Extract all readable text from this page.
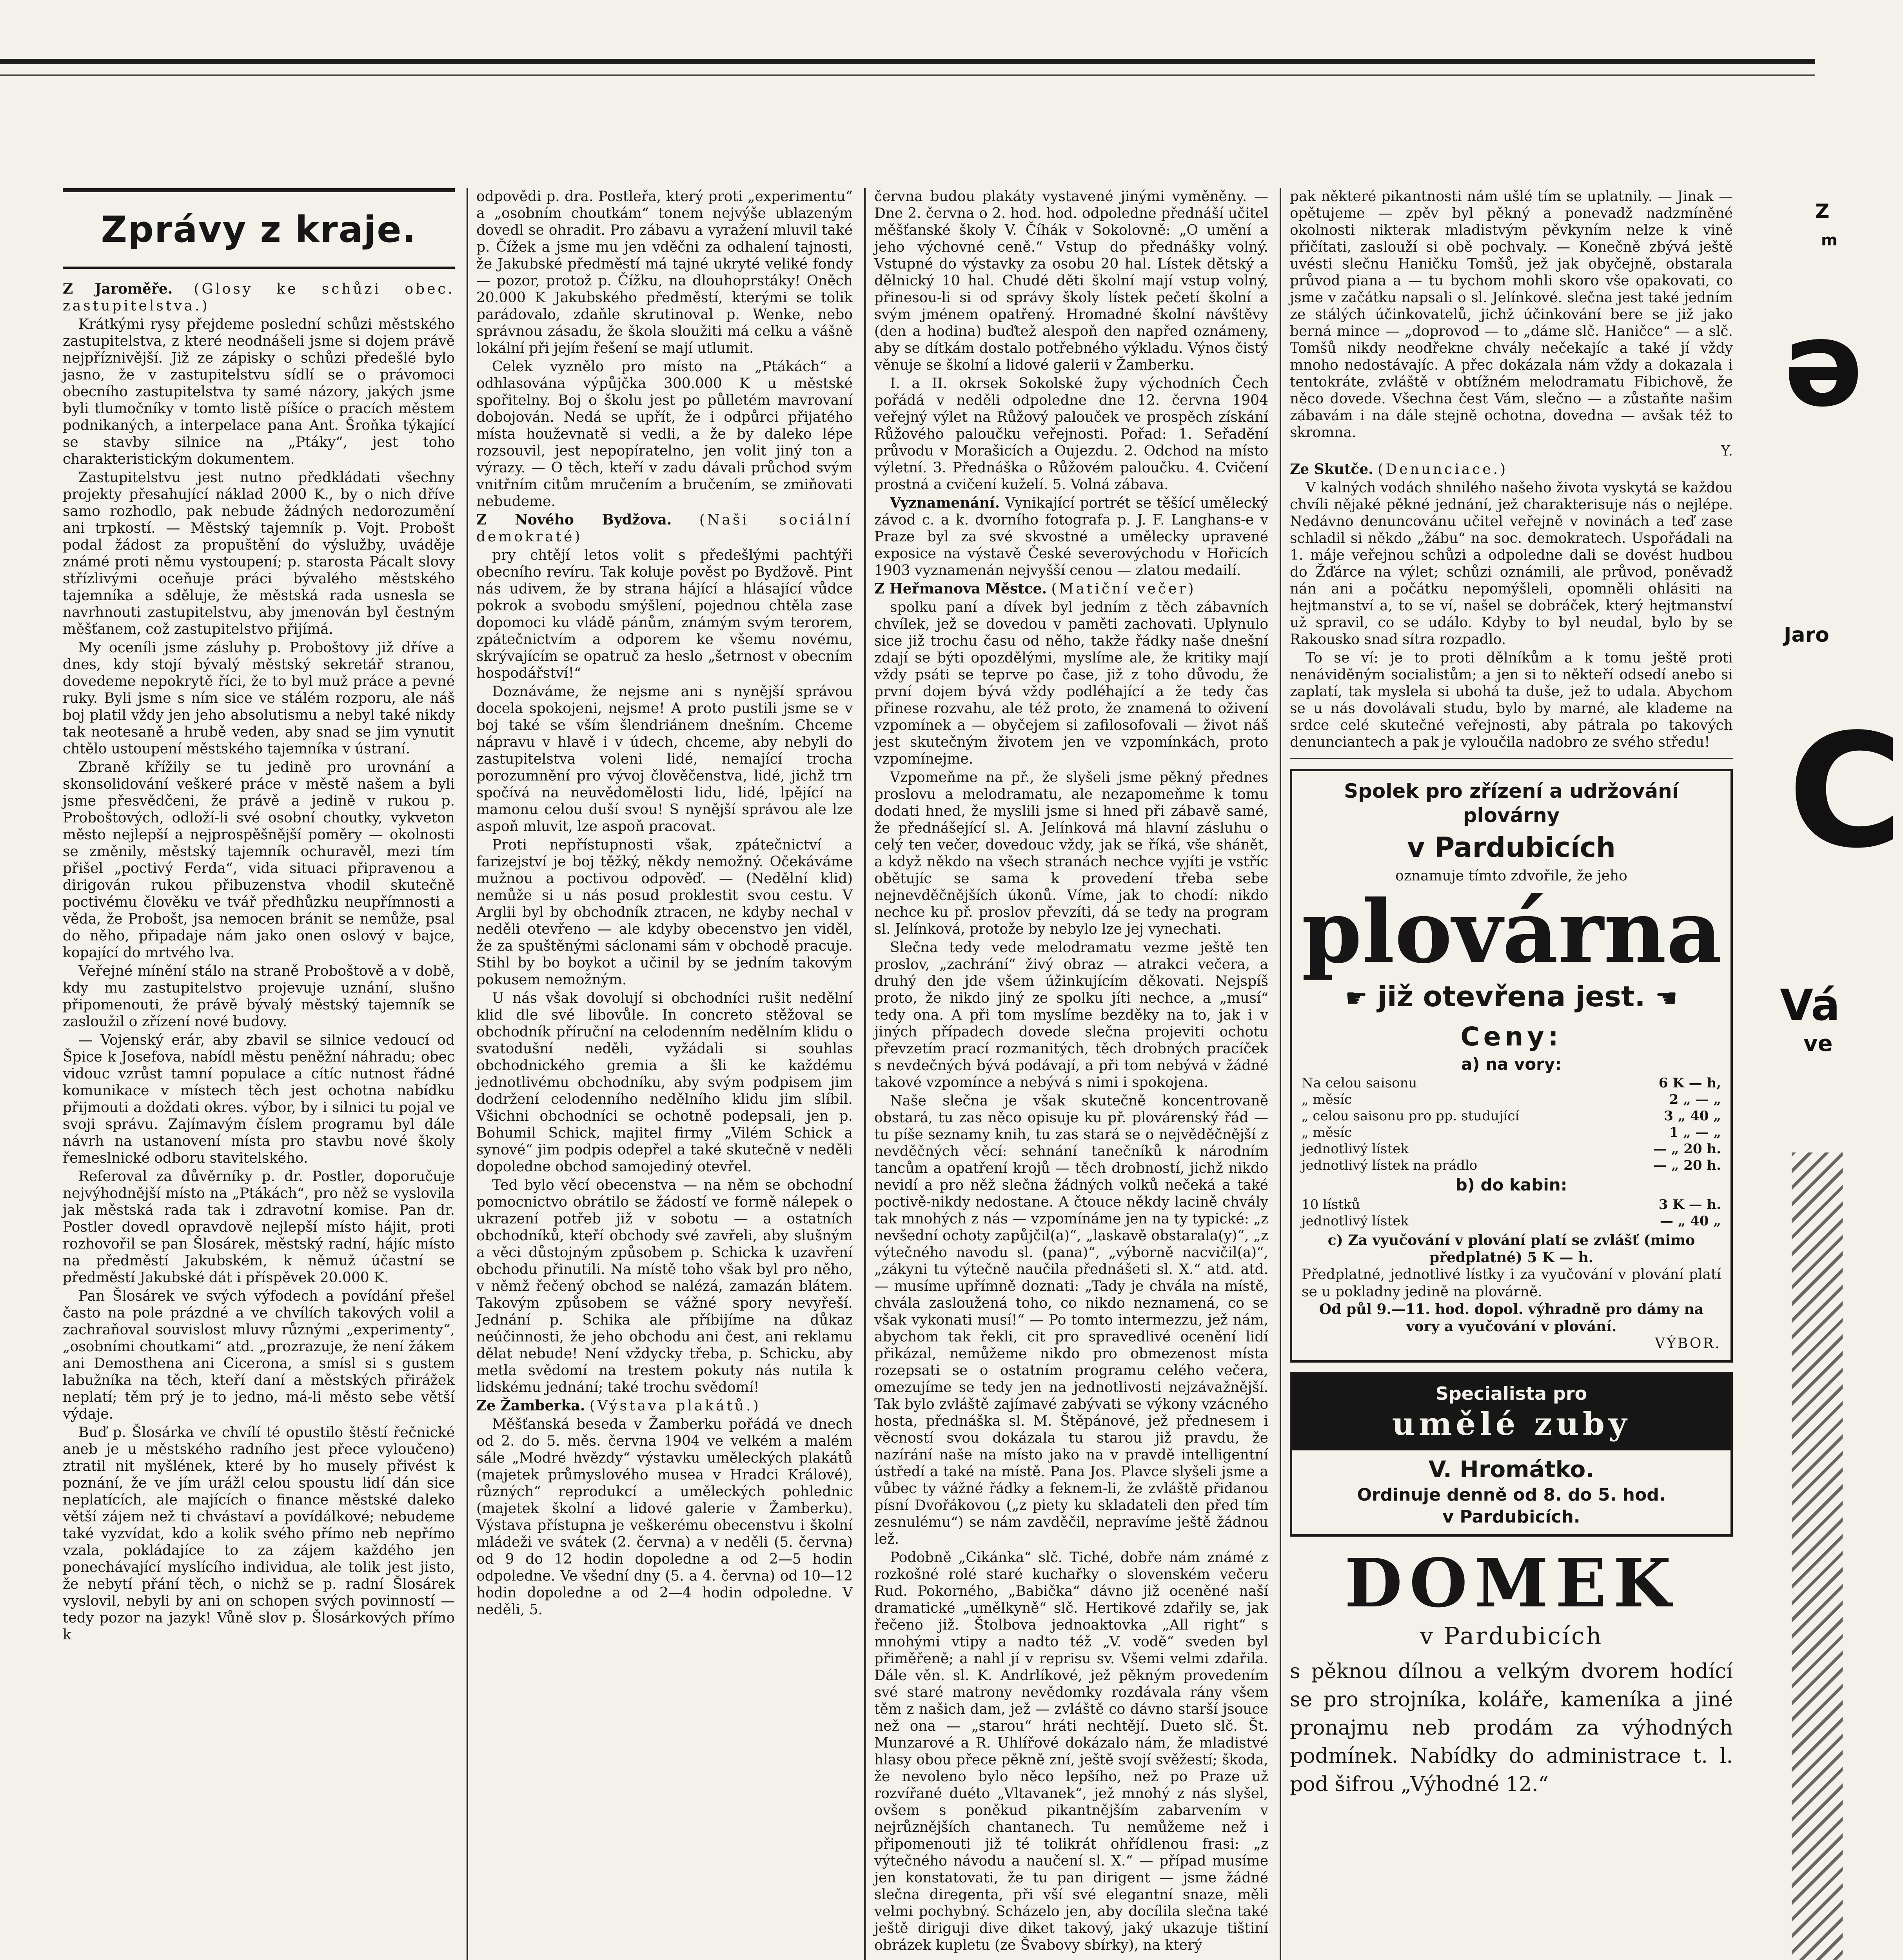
Zprávy z kraje.

Z Jaroměře. (Glosy ke schůzi obec. zastupitelstva.)

Krátkými rysy přejdeme poslední schůzi městského zastupitelstva, z které neodnášeli jsme si dojem právě nejpříznivější. Již ze zápisky o schůzi předešlé bylo jasno, že v zastupitelstvu sídlí se o právomoci obecního zastupitelstva ty samé názory, jakých jsme byli tlumočníky v tomto listě píšíce o pracích městem podnikaných, a interpelace pana Ant. Šroňka týkající se stavby silnice na „Ptáky“, jest toho charakteristickým dokumentem.

Zastupitelstvu jest nutno předkládati všechny projekty přesahující náklad 2000 K., by o nich dříve samo rozhodlo, pak nebude žádných nedorozumění ani trpkostí. — Městský tajemník p. Vojt. Probošt podal žádost za propuštění do výslužby, uváděje známé proti němu vystoupení; p. starosta Pácalt slovy střízlivými oceňuje práci bývalého městského tajemníka a sděluje, že městská rada usnesla se navrhnouti zastupitelstvu, aby jmenován byl čestným měšťanem, což zastupitelstvo přijímá.

My oceníli jsme zásluhy p. Proboštovy již dříve a dnes, kdy stojí bývalý městský sekretář stranou, dovedeme nepokrytě říci, že to byl muž práce a pevné ruky. Byli jsme s ním sice ve stálém rozporu, ale náš boj platil vždy jen jeho absolutismu a nebyl také nikdy tak neotesaně a hrubě veden, aby snad se jim vynutit chtělo ustoupení městského tajemníka v ústraní.

Zbraně křížily se tu jedině pro urovnání a skonsolidování veškeré práce v městě našem a byli jsme přesvědčeni, že právě a jedině v rukou p. Proboštových, odloží-li své osobní choutky, vykveton město nejlepší a nejprospěšnější poměry — okolnosti se změnily, městský tajemník ochuravěl, mezi tím přišel „poctivý Ferda“, vida situaci připravenou a dirigován rukou přibuzenstva vhodil skutečně poctivému člověku ve tvář předhůzku neupřímnosti a věda, že Probošt, jsa nemocen bránit se nemůže, psal do něho, připadaje nám jako onen oslový v bajce, kopající do mrtvého lva.

Veřejné mínění stálo na straně Proboštově a v době, kdy mu zastupitelstvo projevuje uznání, slušno připomenouti, že právě bývalý městský tajemník se zasloužil o zřízení nové budovy.

— Vojenský erár, aby zbavil se silnice vedoucí od Špice k Josefova, nabídl městu peněžní náhradu; obec vidouc vzrůst tamní populace a cítíc nutnost řádné komunikace v místech těch jest ochotna nabídku přijmouti a doždati okres. výbor, by i silnici tu pojal ve svoji správu. Zajímavým číslem programu byl dále návrh na ustanovení místa pro stavbu nové školy řemeslnické odboru stavitelského.

Referoval za důvěrníky p. dr. Postler, doporučuje nejvýhodnější místo na „Ptákách“, pro něž se vyslovila jak městská rada tak i zdravotní komise. Pan dr. Postler dovedl opravdově nejlepší místo hájit, proti rozhovořil se pan Šlosárek, městský radní, hájíc místo na předměstí Jakubském, k němuž účastní se předměstí Jakubské dát i příspěvek 20.000 K.

Pan Šlosárek ve svých výfodech a povídání přešel často na pole prázdné a ve chvílích takových volil a zachraňoval souvislost mluvy různými „experimenty“, „osobními choutkami“ atd. „prozrazuje, že není žákem ani Demosthena ani Cicerona, a smísl si s gustem labužníka na těch, kteří daní a městských přirážek neplatí; těm prý je to jedno, má-li město sebe větší výdaje.

Buď p. Šlosárka ve chvílí té opustilo štěstí řečnické aneb je u městského radního jest přece vyloučeno) ztratil nit myšlének, které by ho musely přivést k poznání, že ve jím urážl celou spoustu lidí dán sice neplatících, ale majících o finance městské daleko větší zájem než ti chvástaví a povídálkové; nebudeme také vyzvídat, kdo a kolik svého přímo neb nepřímo vzala, pokládajíce to za zájem každého jen ponechávající myslícího individua, ale tolik jest jisto, že nebytí přání těch, o nichž se p. radní Šlosárek vyslovil, nebyli by ani on schopen svých povinností — tedy pozor na jazyk! Vůně slov p. Šlosárkových přímo k

odpovědi p. dra. Postleřa, který proti „experimentu“ a „osobním choutkám“ tonem nejvýše ublazeným dovedl se ohradit. Pro zábavu a vyražení mluvil také p. Čížek a jsme mu jen vděčni za odhalení tajnosti, že Jakubské předměstí má tajné ukryté veliké fondy — pozor, protož p. Čížku, na dlouhoprstáky! Oněch 20.000 K Jakubského předměstí, kterými se tolik parádovalo, zdaňle skrutinoval p. Wenke, nebo správnou zásadu, že škola sloužiti má celku a vášně lokální při jejím řešení se mají utlumit.

Celek vyznělo pro místo na „Ptákách“ a odhlasována výpůjčka 300.000 K u městské spořitelny. Boj o školu jest po půlletém mavrovaní dobojován. Nedá se upřít, že i odpůrci přijatého místa houževnatě si vedli, a že by daleko lépe rozsouvil, jest nepopíratelno, jen volit jiný ton a výrazy. — O těch, kteří v zadu dávali průchod svým vnitřním citům mručením a bručením, se zmiňovati nebudeme.

Z Nového Bydžova. (Naši sociální demokraté)

pry chtějí letos volit s předešlými pachtýři obecního revíru. Tak koluje pověst po Bydžově. Pint nás udivem, že by strana hájící a hlásající vůdce pokrok a svobodu smýšlení, pojednou chtěla zase dopomoci ku vládě pánům, známým svým terorem, zpátečnictvím a odporem ke všemu novému, skrývajícím se opatruč za heslo „šetrnost v obecním hospodářství!“

Doznáváme, že nejsme ani s nynější správou docela spokojeni, nejsme! A proto pustili jsme se v boj také se vším šlendriánem dnešním. Chceme nápravu v hlavě i v údech, chceme, aby nebyli do zastupitelstva voleni lidé, nemající trocha porozumnění pro vývoj člověčenstva, lidé, jichž trn spočívá na neuvědomělosti lidu, lidé, lpějící na mamonu celou duší svou! S nynější správou ale lze aspoň mluvit, lze aspoň pracovat.

Proti nepřístupnosti však, zpátečnictví a farizejství je boj těžký, někdy nemožný. Očekáváme mužnou a poctivou odpověď. — (Nedělní klid) nemůže si u nás posud proklestit svou cestu. V Arglii byl by obchodník ztracen, ne kdyby nechal v neděli otevřeno — ale kdyby obecenstvo jen viděl, že za spuštěnými sáclonami sám v obchodě pracuje. Stihl by bo boykot a učinil by se jedním takovým pokusem nemožným.

U nás však dovolují si obchodníci rušit nedělní klid dle své libovůle. In concreto stěžoval se obchodník příruční na celodenním nedělním klidu o svatodušní neděli, vyžádali si souhlas obchodnického gremia a šli ke každému jednotlivému obchodníku, aby svým podpisem jim dodržení celodenního nedělního klidu jim slíbil. Všichni obchodníci se ochotně podepsali, jen p. Bohumil Schick, majitel firmy „Vilém Schick a synové“ jim podpis odepřel a také skutečně v neděli dopoledne obchod samojediný otevřel.

Ted bylo věcí obecenstva — na něm se obchodní pomocnictvo obrátilo se žádostí ve formě nálepek o ukrazení potřeb již v sobotu — a ostatních obchodníků, kteří obchody své zavřeli, aby slušným a věci důstojným způsobem p. Schicka k uzavření obchodu přinutili. Na místě toho však byl pro něho, v němž řečený obchod se nalézá, zamazán blátem. Takovým způsobem se vážné spory nevyřeší. Jednání p. Schika ale příbijíme na důkaz neúčinnosti, že jeho obchodu ani čest, ani reklamu dělat nebude! Není vždycky třeba, p. Schicku, aby metla svědomí na trestem pokuty nás nutila k lidskému jednání; také trochu svědomí!

Ze Žamberka. (Výstava plakátů.)

Měšťanská beseda v Žamberku pořádá ve dnech od 2. do 5. měs. června 1904 ve velkém a malém sále „Modré hvězdy“ výstavku uměleckých plakátů (majetek průmyslového musea v Hradci Králové), různých“ reprodukcí a uměleckých pohlednic (majetek školní a lidové galerie v Žamberku). Výstava přístupna je veškerému obecenstvu i školní mládeži ve svátek (2. června) a v neděli (5. června) od 9 do 12 hodin dopoledne a od 2—5 hodin odpoledne. Ve všední dny (5. a 4. června) od 10—12 hodin dopoledne a od 2—4 hodin odpoledne. V neděli, 5.

června budou plakáty vystavené jinými vyměněny. — Dne 2. června o 2. hod. hod. odpoledne přednáší učitel měšťanské školy V. Číhák v Sokolovně: „O umění a jeho výchovné ceně.“ Vstup do přednášky volný. Vstupné do výstavky za osobu 20 hal. Lístek dětský a dělnický 10 hal. Chudé děti školní mají vstup volný, přinesou-li si od správy školy lístek pečetí školní a svým jménem opatřený. Hromadné školní návštěvy (den a hodina) buďtež alespoň den napřed oznámeny, aby se dítkám dostalo potřebného výkladu. Výnos čistý věnuje se školní a lidové galerii v Žamberku.

I. a II. okrsek Sokolské župy východních Čech pořádá v neděli odpoledne dne 12. června 1904 veřejný výlet na Růžový palouček ve prospěch získání Růžového paloučku veřejnosti. Pořad: 1. Seřadění průvodu v Morašicích a Oujezdu. 2. Odchod na místo výletní. 3. Přednáška o Růžovém paloučku. 4. Cvičení prostná a cvičení kuželí. 5. Volná zábava.

Vyznamenání. Vynikající portrét se těšící umělecký závod c. a k. dvorního fotografa p. J. F. Langhans-e v Praze byl za své skvostné a umělecky upravené exposice na výstavě České severovýchodu v Hořicích 1903 vyznamenán nejvyšší cenou — zlatou medailí.

Z Heřmanova Městce. (Matiční večer)

spolku paní a dívek byl jedním z těch zábavních chvílek, jež se dovedou v paměti zachovati. Uplynulo sice již trochu času od něho, takže řádky naše dnešní zdají se býti opozdělými, myslíme ale, že kritiky mají vždy psáti se teprve po čase, již z toho důvodu, že první dojem bývá vždy podléhající a že tedy čas přinese rozvahu, ale též proto, že znamená to oživení vzpomínek a — obyčejem si zafilosofovali — život náš jest skutečným životem jen ve vzpomínkách, proto vzpomínejme.

Vzpomeňme na př., že slyšeli jsme pěkný přednes proslovu a melodramatu, ale nezapomeňme k tomu dodati hned, že myslili jsme si hned při zábavě samé, že přednášející sl. A. Jelínková má hlavní zásluhu o celý ten večer, dovedouc vždy, jak se říká, vše shánět, a když někdo na všech stranách nechce vyjíti je vstříc obětujíc se sama k provedení třeba sebe nejnevděčnějších úkonů. Víme, jak to chodí: nikdo nechce ku př. proslov převzíti, dá se tedy na program sl. Jelínková, protože by nebylo lze jej vynechati.

Slečna tedy vede melodramatu vezme ještě ten proslov, „zachrání“ živý obraz — atrakci večera, a druhý den jde všem úžinkujícím děkovati. Nejspíš proto, že nikdo jiný ze spolku jíti nechce, a „musí“ tedy ona. A při tom myslíme bezděky na to, jak i v jiných případech dovede slečna projeviti ochotu převzetím prací rozmanitých, těch drobných pracíček s nevdečných bývá podávají, a při tom nebývá v žádné takové vzpomínce a nebývá s nimi i spokojena.

Naše slečna je však skutečně koncentrovaně obstará, tu zas něco opisuje ku př. plovárenský řád — tu píše seznamy knih, tu zas stará se o nejvěděčnější z nevděčných věcí: sehnání tanečníků k národním tancům a opatření krojů — těch drobností, jichž nikdo nevidí a pro něž slečna žádných volků nečeká a také poctivě-nikdy nedostane. A čtouce někdy lacině chvály tak mnohých z nás — vzpomínáme jen na ty typické: „z nevšední ochoty zapůjčil(a)“, „laskavě obstarala(y)“, „z výtečného navodu sl. (pana)“, „výborně nacvičil(a)“, „zákyni tu výtečně naučila přednášeti sl. X.“ atd. atd. — musíme upřímně doznati: „Tady je chvála na místě, chvála zasloužená toho, co nikdo neznamená, co se však vykonati musí!“ — Po tomto intermezzu, jež nám, abychom tak řekli, cit pro spravedlivé ocenění lidí přikázal, nemůžeme nikdo pro obmezenost místa rozepsati se o ostatním programu celého večera, omezujíme se tedy jen na jednotlivosti nejzávažnější. Tak bylo zvláště zajímavé zabývati se výkony vzácného hosta, přednáška sl. M. Štěpánové, jež přednesem i věcností svou dokázala tu starou již pravdu, že nazírání naše na místo jako na v pravdě intelligentní ústředí a také na místě. Pana Jos. Plavce slyšeli jsme a vůbec ty vážné řádky a feknem-li, že zvláště přidanou písní Dvořákovou („z piety ku skladateli den před tím zesnulému“) se nám zavděčil, nepravíme ještě žádnou lež.

Podobně „Cikánka“ slč. Tiché, dobře nám známé z rozkošné rolé staré kuchařky o slovenském večeru Rud. Pokorného, „Babička“ dávno již oceněné naší dramatické „umělkyně“ slč. Hertikové zdařily se, jak řečeno již. Štolbova jednoaktovka „All right“ s mnohými vtipy a nadto též „V. vodě“ sveden byl přiměřeně; a nahl jí v reprisu sv. Všemi velmi zdařila. Dále věn. sl. K. Andrlíkové, jež pěkným provedením své staré matrony nevědomky rozdávala rány všem těm z našich dam, jež — zvláště co dávno starší jsouce než ona — „starou“ hráti nechtějí. Dueto slč. Št. Munzarové a R. Uhlířové dokázalo nám, že mladistvé hlasy obou přece pěkně zní, ještě svojí svěžestí; škoda, že nevoleno bylo něco lepšího, než po Praze už rozvířané duéto „Vltavanek“, jež mnohý z nás slyšel, ovšem s poněkud pikantnějším zabarvením v nejrůznějších chantanech. Tu nemůžeme než i připomenouti již té tolikrát ohřídlenou frasi: „z výtečného návodu a naučení sl. X.“ — případ musíme jen konstatovati, že tu pan dirigent — jsme žádné slečna diregenta, při vší své elegantní snaze, měli velmi pochybný. Scházelo jen, aby docílila slečna také ještě diriguji dive diket takový, jaký ukazuje tištiní obrázek kupletu (ze Švabovy sbírky), na který

pak některé pikantnosti nám ušlé tím se uplatnily. — Jinak — opětujeme — zpěv byl pěkný a ponevadž nadzmíněné okolnosti nikterak mladistvým pěvkyním nelze k vině přičítati, zaslouží si obě pochvaly. — Konečně zbývá ještě uvésti slečnu Haničku Tomšů, jež jak obyčejně, obstarala průvod piana a — tu bychom mohli skoro vše opakovati, co jsme v začátku napsali o sl. Jelínkové. slečna jest také jedním ze stálých účinkovatelů, jichž účinkování bere se již jako berná mince — „doprovod — to „dáme slč. Haničce“ — a slč. Tomšů nikdy neodřekne chvály nečekajíc a také jí vždy mnoho nedostávajíc. A přec dokázala nám vždy a dokazala i tentokráte, zvláště v obtížném melodramatu Fibichově, že něco dovede. Všechna čest Vám, slečno — a zůstaňte našim zábavám i na dále stejně ochotna, dovedna — avšak též to skromna.

Y.

Ze Skutče. (Denunciace.)

V kalných vodách shnilého našeho života vyskytá se každou chvíli nějaké pěkné jednání, jež charakterisuje nás o nejlépe. Nedávno denuncovánu učitel veřejně v novinách a teď zase schladil si někdo „žábu“ na soc. demokratech. Uspořádali na 1. máje veřejnou schůzi a odpoledne dali se dovést hudbou do Žďárce na výlet; schůzi oznámili, ale průvod, poněvadž nán ani a počátku nepomýšleli, opomněli ohlásiti na hejtmanství a, to se ví, našel se dobráček, který hejtmanství už spravil, co se událo. Kdyby to byl neudal, bylo by se Rakousko snad sítra rozpadlo.

To se ví: je to proti dělníkům a k tomu ještě proti nenáviděným socialistům; a jen si to někteří odsedí anebo si zaplatí, tak myslela si ubohá ta duše, jež to udala. Abychom se u nás dovolávali studu, bylo by marné, ale klademe na srdce celé skutečné veřejnosti, aby pátrala po takových denunciantech a pak je vyloučila nadobro ze svého středu!

Spolek pro zřízení a udržování plovárny
v Pardubicích
oznamuje tímto zdvořile, že jeho
plovárna
☛ již otevřena jest. ☚
Ceny:
a) na vory:
Na celou saisonu	6 K — h,
„ měsíc	2 „ — „
„ celou saisonu pro pp. studující	3 „ 40 „
„ měsíc	1 „ — „
jednotlivý lístek	— „ 20 h.
jednotlivý lístek na prádlo	— „ 20 h.
b) do kabin:
10 lístků	3 K — h.
jednotlivý lístek	— „ 40 „
c) Za vyučování v plování platí se zvlášť (mimo předplatné) 5 K — h.
Předplatné, jednotlivé lístky i za vyučování v plování platí se u pokladny jedině na plovárně.
Od půl 9.—11. hod. dopol. výhradně pro dámy na vory a vyučování v plování.
VÝBOR.
Specialista pro
umělé zuby
V. Hromátko.
Ordinuje denně od 8. do 5. hod.
v Pardubicích.
DOMEK
v Pardubicích
s pěknou dílnou a velkým dvorem hodící se pro strojníka, koláře, kameníka a jiné pronajmu neb prodám za výhodných podmínek. Nabídky do administrace t. l. pod šifrou „Výhodné 12.“
Z
m
ə
Jaro
C
Vá
ve
